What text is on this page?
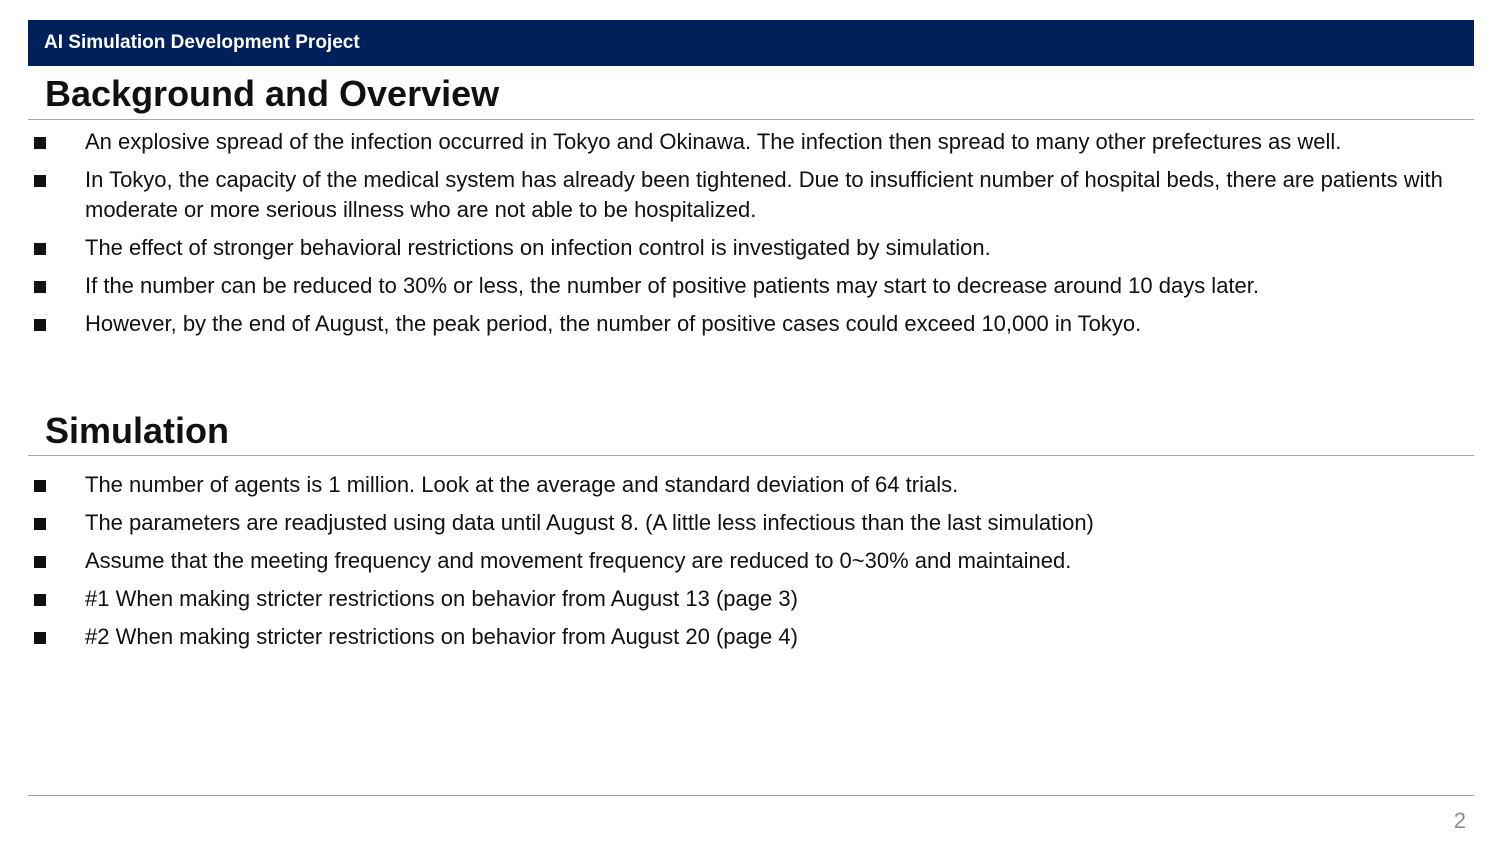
AI Simulation Development Project
Background and Overview
An explosive spread of the infection occurred in Tokyo and Okinawa. The infection then spread to many other prefectures as well.
In Tokyo, the capacity of the medical system has already been tightened. Due to insufficient number of hospital beds, there are patients with moderate or more serious illness who are not able to be hospitalized.
The effect of stronger behavioral restrictions on infection control is investigated by simulation.
If the number can be reduced to 30% or less, the number of positive patients may start to decrease around 10 days later.
However, by the end of August, the peak period, the number of positive cases could exceed 10,000 in Tokyo.
Simulation
The number of agents is 1 million. Look at the average and standard deviation of 64 trials.
The parameters are readjusted using data until August 8. (A little less infectious than the last simulation)
Assume that the meeting frequency and movement frequency are reduced to 0~30% and maintained.
#1 When making stricter restrictions on behavior from August 13 (page 3)
#2 When making stricter restrictions on behavior from August 20 (page 4)
2
